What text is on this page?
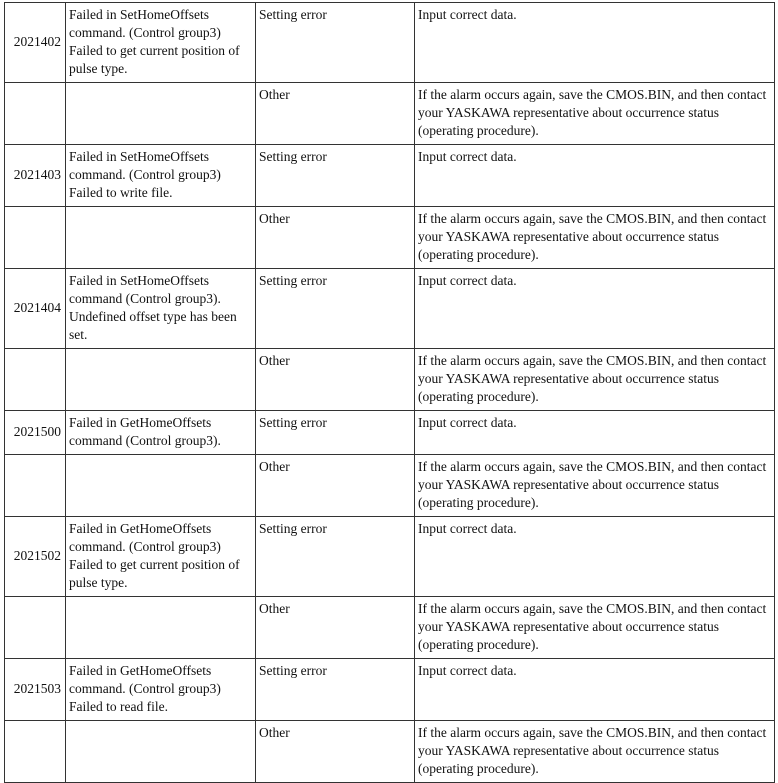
2021402	Failed in SetHomeOffsets command. (Control group3) Failed to get current position of pulse type.	Setting error	Input correct data.
		Other	If the alarm occurs again, save the CMOS.BIN, and then contact your YASKAWA representative about occurrence status (operating procedure).
2021403	Failed in SetHomeOffsets command. (Control group3) Failed to write file.	Setting error	Input correct data.
		Other	If the alarm occurs again, save the CMOS.BIN, and then contact your YASKAWA representative about occurrence status (operating procedure).
2021404	Failed in SetHomeOffsets command (Control group3). Undefined offset type has been set.	Setting error	Input correct data.
		Other	If the alarm occurs again, save the CMOS.BIN, and then contact your YASKAWA representative about occurrence status (operating procedure).
2021500	Failed in GetHomeOffsets command (Control group3).	Setting error	Input correct data.
		Other	If the alarm occurs again, save the CMOS.BIN, and then contact your YASKAWA representative about occurrence status (operating procedure).
2021502	Failed in GetHomeOffsets command. (Control group3) Failed to get current position of pulse type.	Setting error	Input correct data.
		Other	If the alarm occurs again, save the CMOS.BIN, and then contact your YASKAWA representative about occurrence status (operating procedure).
2021503	Failed in GetHomeOffsets command. (Control group3) Failed to read file.	Setting error	Input correct data.
		Other	If the alarm occurs again, save the CMOS.BIN, and then contact your YASKAWA representative about occurrence status (operating procedure).
